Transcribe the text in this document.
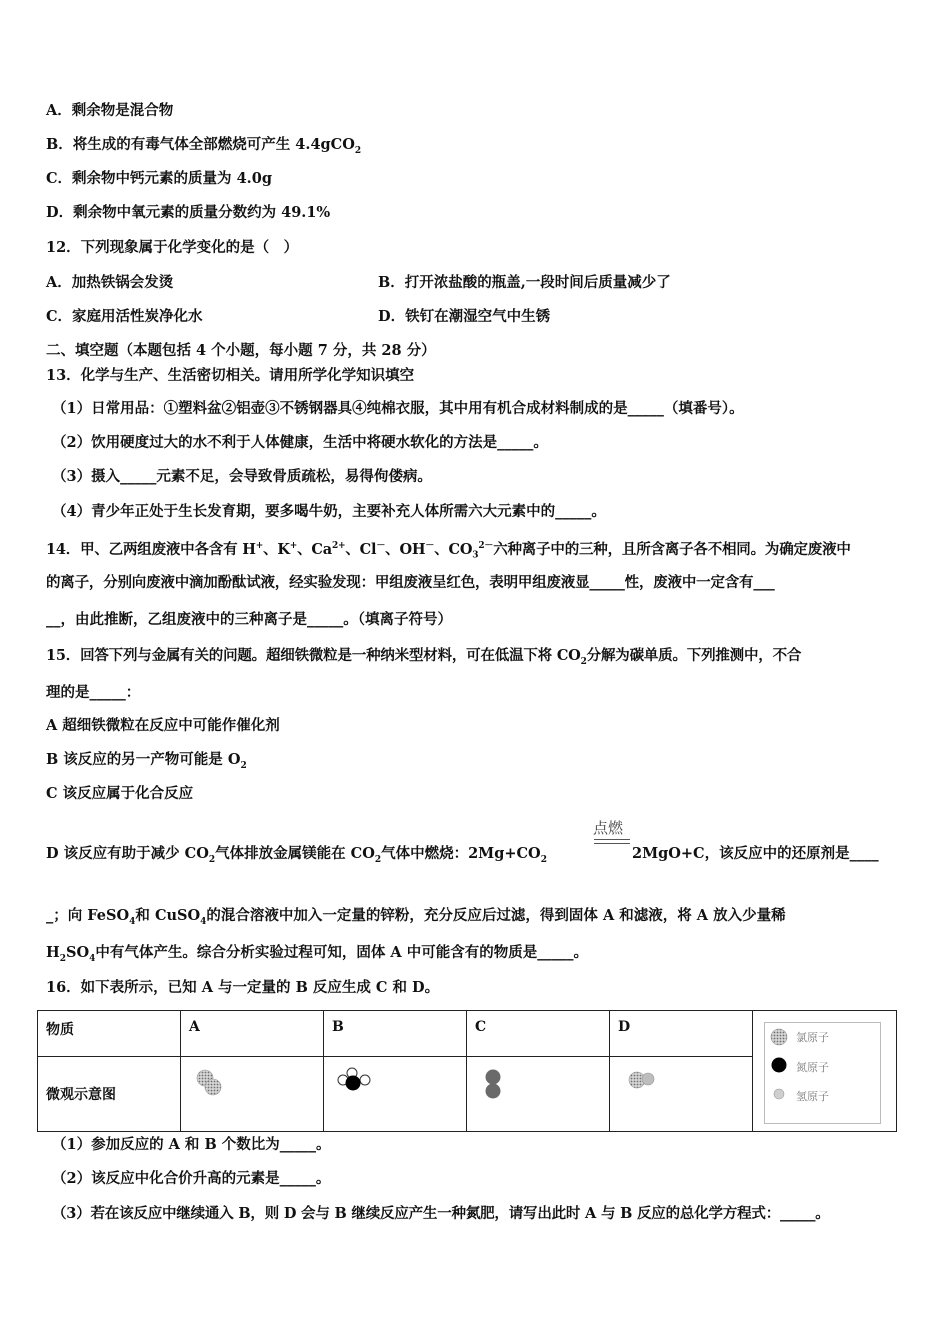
A．剩余物是混合物
B．将生成的有毒气体全部燃烧可产生 4.4gCO$_2$
C．剩余物中钙元素的质量为 4.0g
D．剩余物中氧元素的质量分数约为 49.1%
12．下列现象属于化学变化的是（　）
A．加热铁锅会发烫	B．打开浓盐酸的瓶盖,一段时间后质量减少了
C．家庭用活性炭净化水	D．铁钉在潮湿空气中生锈
二、填空题（本题包括 4 个小题，每小题 7 分，共 28 分）
13．化学与生产、生活密切相关。请用所学化学知识填空
（1）日常用品：①塑料盆②铝壶③不锈钢器具④纯棉衣服，其中用有机合成材料制成的是_____（填番号）。
（2）饮用硬度过大的水不利于人体健康，生活中将硬水软化的方法是_____。
（3）摄入_____元素不足，会导致骨质疏松，易得佝偻病。
（4）青少年正处于生长发育期，要多喝牛奶，主要补充人体所需六大元素中的_____。
14．甲、乙两组废液中各含有 H+、K+、$Ca^{2+}$、Cl－、OH－、$CO_3^{2-}$六种离子中的三种，且所含离子各不相同。为确定废液中
的离子，分别向废液中滴加酚酞试液，经实验发现：甲组废液呈红色，表明甲组废液显_____性，废液中一定含有___
__，由此推断，乙组废液中的三种离子是_____。（填离子符号）
15．回答下列与金属有关的问题。超细铁微粒是一种纳米型材料，可在低温下将 $CO_2$分解为碳单质。下列推测中，不合
理的是_____：
A 超细铁微粒在反应中可能作催化剂
B 该反应的另一产物可能是 $O_2$
C 该反应属于化合反应
点燃
D 该反应有助于减少 $CO_2$气体排放金属镁能在 $CO_2$气体中燃烧：$2Mg+CO_2$	2MgO+C，该反应中的还原剂是____
_；向 FeSO$_4$和 CuSO$_4$的混合溶液中加入一定量的锌粉，充分反应后过滤，得到固体 A 和滤液，将 A 放入少量稀
$H_2SO_4$中有气体产生。综合分析实验过程可知，固体 A 中可能含有的物质是_____。
16．如下表所示，已知 A 与一定量的 B 反应生成 C 和 D。
物质	A	B	C	D	
微观示意图				
氯原子
氮原子
氢原子
（1）参加反应的 A 和 B 个数比为_____。
（2）该反应中化合价升高的元素是_____。
（3）若在该反应中继续通入 B，则 D 会与 B 继续反应产生一种氮肥，请写出此时 A 与 B 反应的总化学方程式：_____。
